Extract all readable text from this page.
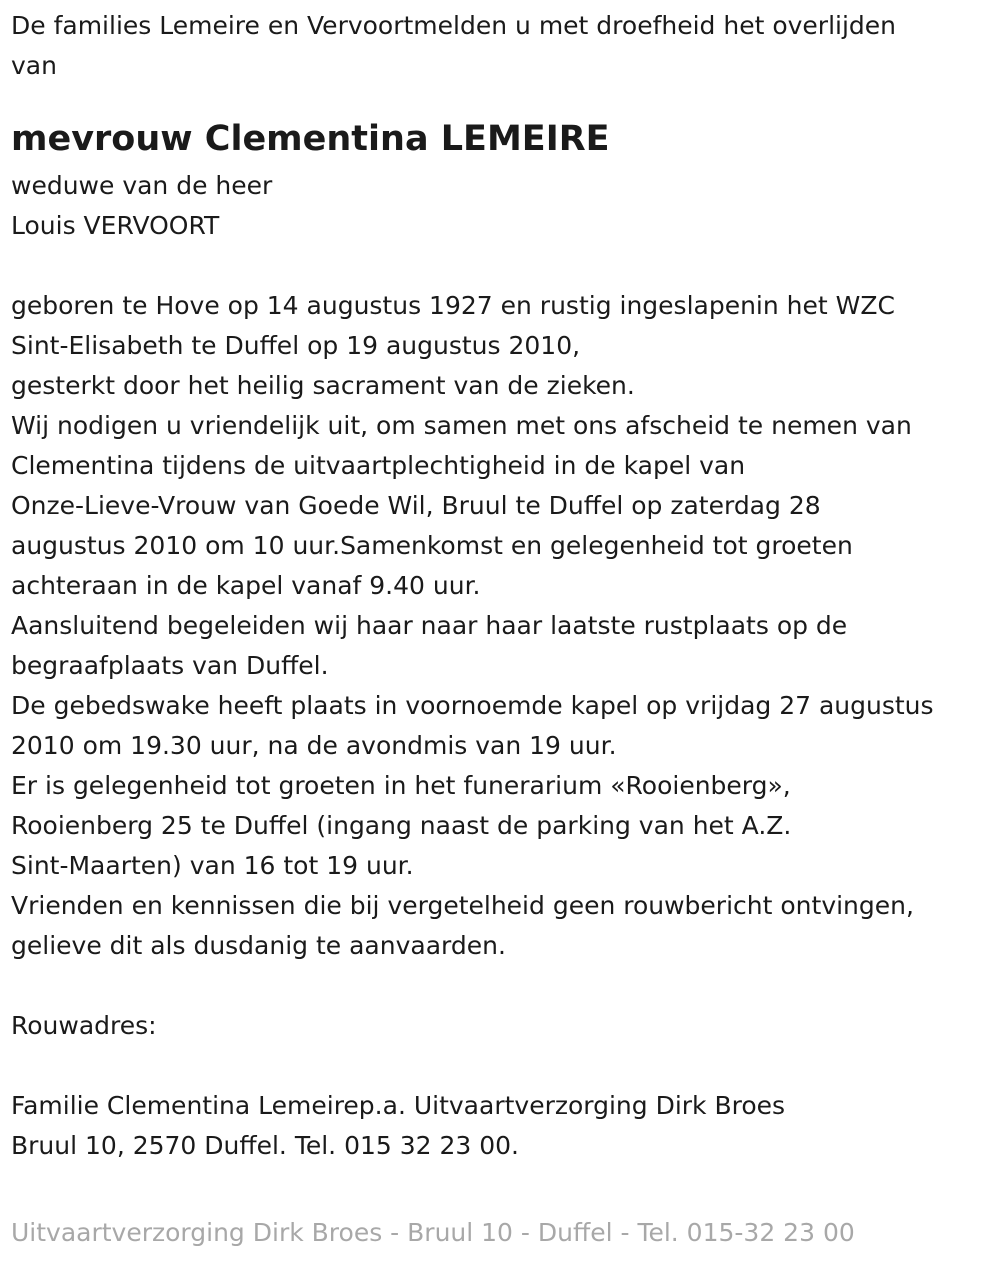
De families Lemeire en Vervoortmelden u met droefheid het overlijden
van
mevrouw Clementina LEMEIRE
weduwe van de heer
Louis VERVOORT
geboren te Hove op 14 augustus 1927 en rustig ingeslapenin het WZC
Sint-Elisabeth te Duffel op 19 augustus 2010,
gesterkt door het heilig sacrament van de zieken.
Wij nodigen u vriendelijk uit, om samen met ons afscheid te nemen van
Clementina tijdens de uitvaartplechtigheid in de kapel van
Onze-Lieve-Vrouw van Goede Wil, Bruul te Duffel op zaterdag 28
augustus 2010 om 10 uur.Samenkomst en gelegenheid tot groeten
achteraan in de kapel vanaf 9.40 uur.
Aansluitend begeleiden wij haar naar haar laatste rustplaats op de
begraafplaats van Duffel.
De gebedswake heeft plaats in voornoemde kapel op vrijdag 27 augustus
2010 om 19.30 uur, na de avondmis van 19 uur.
Er is gelegenheid tot groeten in het funerarium «Rooienberg»,
Rooienberg 25 te Duffel (ingang naast de parking van het A.Z.
Sint-Maarten) van 16 tot 19 uur.
Vrienden en kennissen die bij vergetelheid geen rouwbericht ontvingen,
gelieve dit als dusdanig te aanvaarden.
Rouwadres:
Familie Clementina Lemeirep.a. Uitvaartverzorging Dirk Broes
Bruul 10, 2570 Duffel. Tel. 015 32 23 00.
Uitvaartverzorging Dirk Broes - Bruul 10 - Duffel - Tel. 015-32 23 00
